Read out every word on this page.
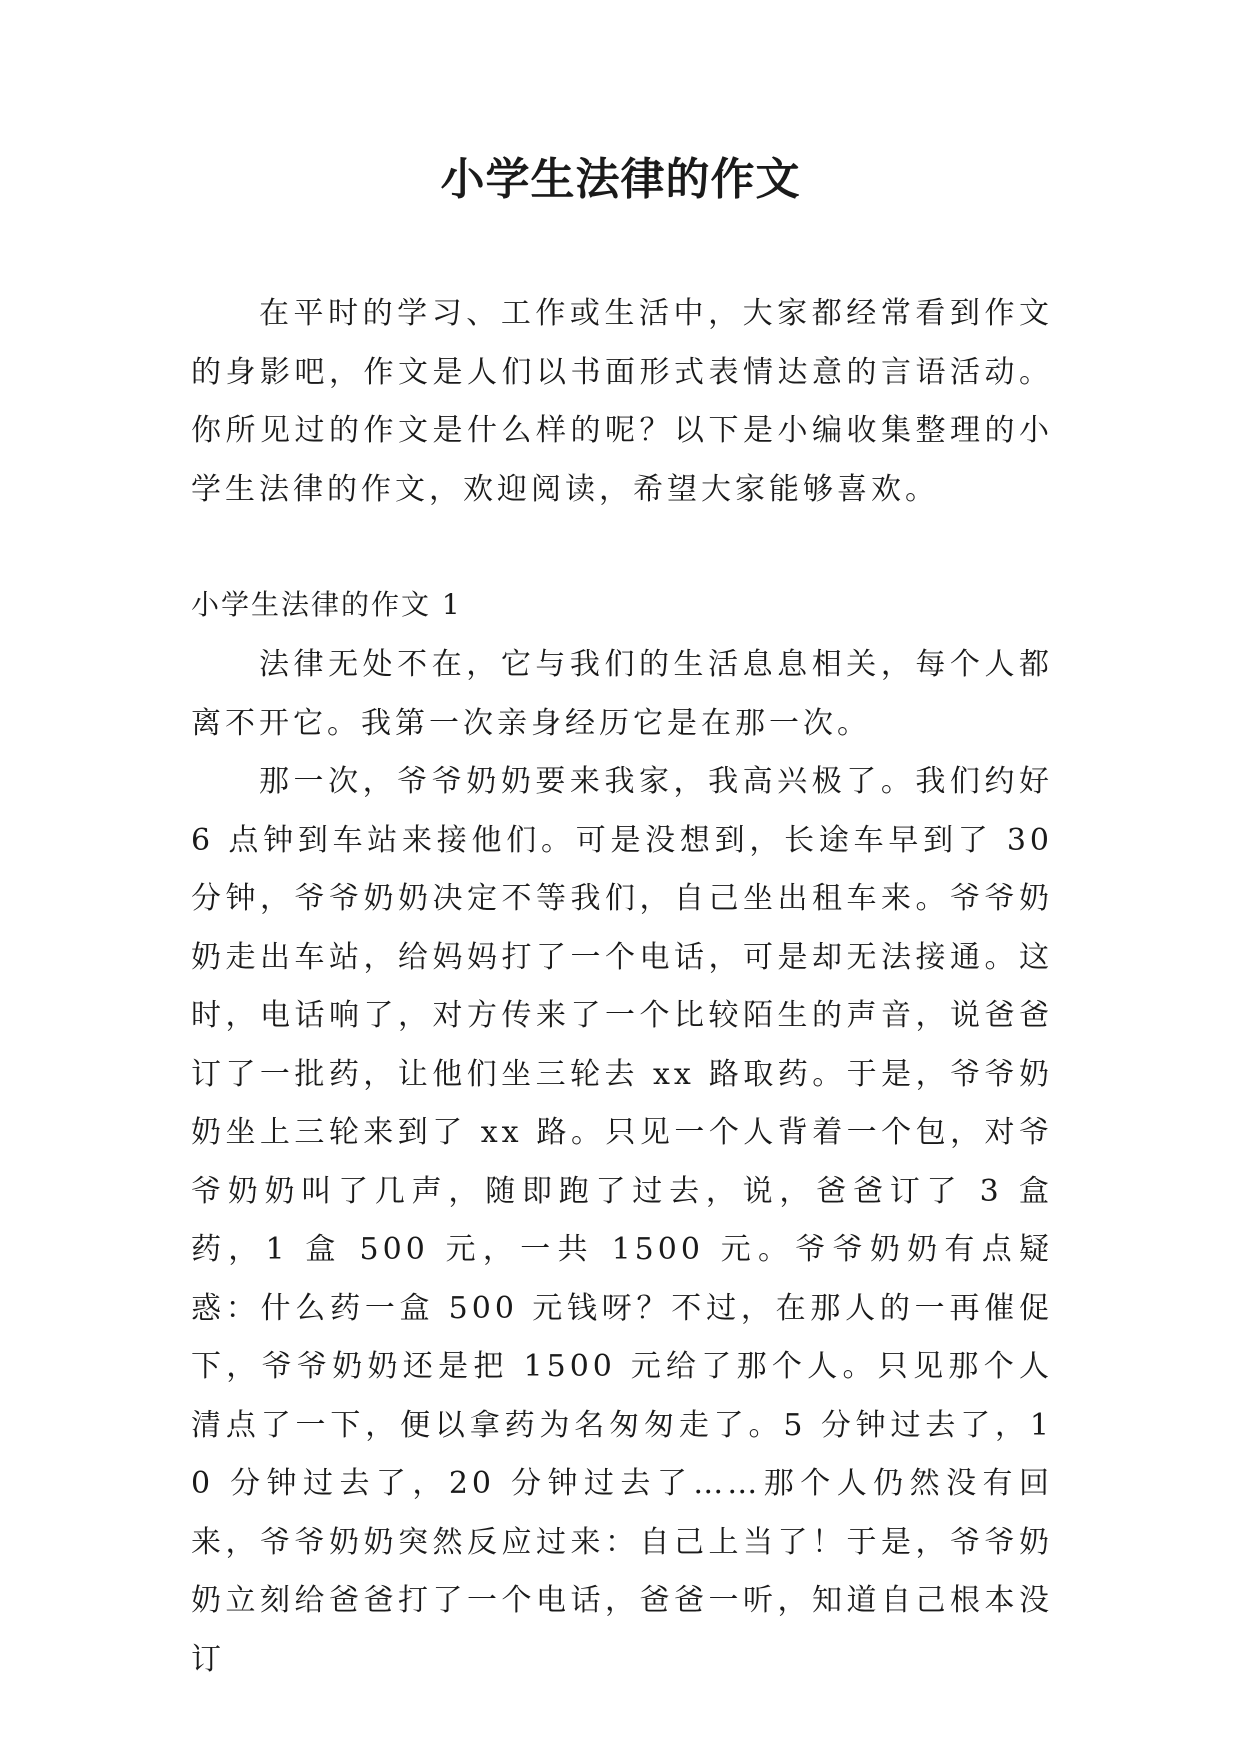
小学生法律的作文

在平时的学习、工作或生活中，大家都经常看到作文的身影吧，作文是人们以书面形式表情达意的言语活动。你所见过的作文是什么样的呢？以下是小编收集整理的小学生法律的作文，欢迎阅读，希望大家能够喜欢。

小学生法律的作文 1

法律无处不在，它与我们的生活息息相关，每个人都离不开它。我第一次亲身经历它是在那一次。

那一次，爷爷奶奶要来我家，我高兴极了。我们约好 6 点钟到车站来接他们。可是没想到，长途车早到了 30 分钟，爷爷奶奶决定不等我们，自己坐出租车来。爷爷奶奶走出车站，给妈妈打了一个电话，可是却无法接通。这时，电话响了，对方传来了一个比较陌生的声音，说爸爸订了一批药，让他们坐三轮去 xx 路取药。于是，爷爷奶奶坐上三轮来到了 xx 路。只见一个人背着一个包，对爷爷奶奶叫了几声，随即跑了过去，说，爸爸订了 3 盒药，1 盒 500 元，一共 1500 元。爷爷奶奶有点疑惑：什么药一盒 500 元钱呀？不过，在那人的一再催促下，爷爷奶奶还是把 1500 元给了那个人。只见那个人清点了一下，便以拿药为名匆匆走了。5 分钟过去了，10 分钟过去了，20 分钟过去了……那个人仍然没有回来，爷爷奶奶突然反应过来：自己上当了！于是，爷爷奶奶立刻给爸爸打了一个电话，爸爸一听，知道自己根本没订
